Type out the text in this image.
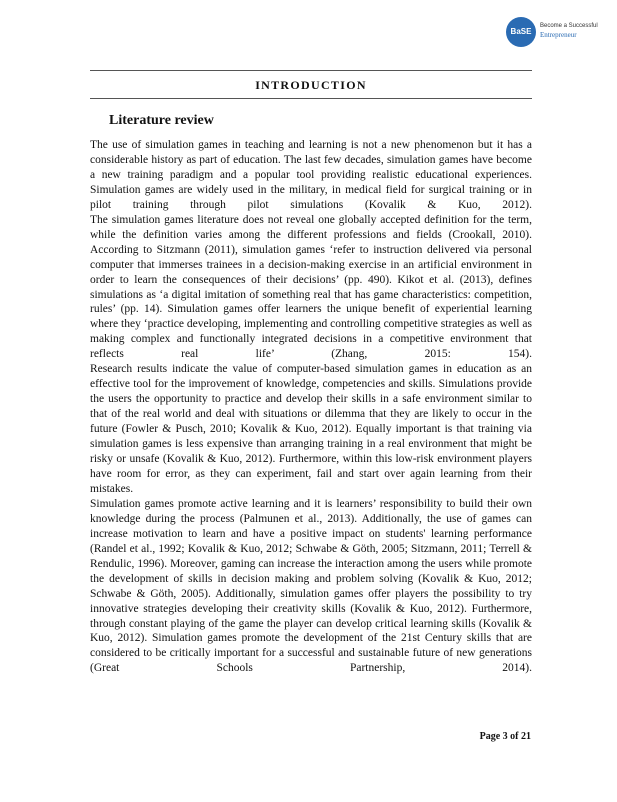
BaSE
Become a Successful
Entrepreneur
INTRODUCTION
Literature review

The use of simulation games in teaching and learning is not a new phenomenon but it has a considerable history as part of education. The last few decades, simulation games have become a new training paradigm and a popular tool providing realistic educational experiences. Simulation games are widely used in the military, in medical field for surgical training or in pilot training through pilot simulations (Kovalik & Kuo, 2012).

The simulation games literature does not reveal one globally accepted definition for the term, while the definition varies among the different professions and fields (Crookall, 2010). According to Sitzmann (2011), simulation games ‘refer to instruction delivered via personal computer that immerses trainees in a decision-making exercise in an artificial environment in order to learn the consequences of their decisions’ (pp. 490). Kikot et al. (2013), defines simulations as ‘a digital imitation of something real that has game characteristics: competition, rules’ (pp. 14). Simulation games offer learners the unique benefit of experiential learning where they ‘practice developing, implementing and controlling competitive strategies as well as making complex and functionally integrated decisions in a competitive environment that reflects real life’ (Zhang, 2015: 154).

Research results indicate the value of computer-based simulation games in education as an effective tool for the improvement of knowledge, competencies and skills. Simulations provide the users the opportunity to practice and develop their skills in a safe environment similar to that of the real world and deal with situations or dilemma that they are likely to occur in the future (Fowler & Pusch, 2010; Kovalik & Kuo, 2012). Equally important is that training via simulation games is less expensive than arranging training in a real environment that might be risky or unsafe (Kovalik & Kuo, 2012). Furthermore, within this low-risk environment players have room for error, as they can experiment, fail and start over again learning from their mistakes.

Simulation games promote active learning and it is learners’ responsibility to build their own knowledge during the process (Palmunen et al., 2013). Additionally, the use of games can increase motivation to learn and have a positive impact on students' learning performance (Randel et al., 1992; Kovalik & Kuo, 2012; Schwabe & Göth, 2005; Sitzmann, 2011; Terrell & Rendulic, 1996). Moreover, gaming can increase the interaction among the users while promote the development of skills in decision making and problem solving (Kovalik & Kuo, 2012; Schwabe & Göth, 2005). Additionally, simulation games offer players the possibility to try innovative strategies developing their creativity skills (Kovalik & Kuo, 2012). Furthermore, through constant playing of the game the player can develop critical learning skills (Kovalik & Kuo, 2012). Simulation games promote the development of the 21st Century skills that are considered to be critically important for a successful and sustainable future of new generations (Great Schools Partnership, 2014).

Page 3 of 21
